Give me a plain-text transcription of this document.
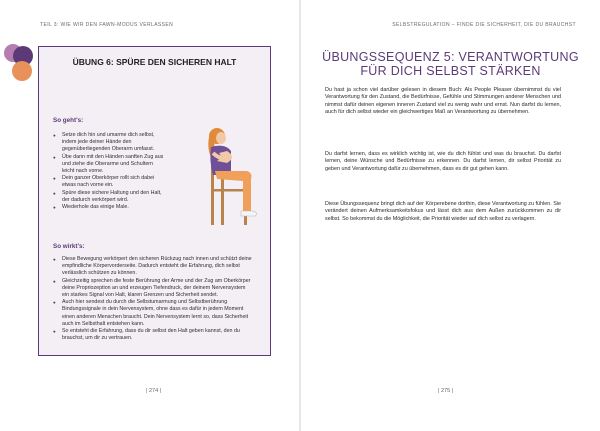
TEIL 3: WIE WIR DEN FAWN-MODUS VERLASSEN
ÜBUNG 6: SPÜRE DEN SICHEREN HALT
So geht's:
● Setze dich hin und umarme dich selbst, indem jede deiner Hände den gegenüberliegenden Oberarm umfasst.
● Übe dann mit den Händen sanften Zug aus und ziehe die Oberarme und Schultern leicht nach vorne.
● Dein ganzer Oberkörper rollt sich dabei etwas nach vorne ein.
● Spüre diese sichere Haltung und den Halt, der dadurch verkörpert wird.
● Wiederhole das einige Male.
So wirkt's:
● Diese Bewegung verkörpert den sicheren Rückzug nach innen und schützt deine empfindliche Körpervorderseite. Dadurch entsteht die Erfahrung, dich selbst verlässlich schützen zu können.
● Gleichzeitig sprechen die feste Berührung der Arme und der Zug am Oberkörper deine Propriozeption an und erzeugen Tiefendruck, der deinem Nervensystem ein starkes Signal von Halt, klaren Grenzen und Sicherheit sendet.
● Auch hier sendest du durch die Selbstumarmung und Selbstberührung Bindungssignale in dein Nervensystem, ohne dass es dafür in jedem Moment einen anderen Menschen braucht. Dein Nervensystem lernt so, dass Sicherheit auch im Selbsthalt entstehen kann.
● So entsteht die Erfahrung, dass du dir selbst den Halt geben kannst, den du brauchst, um dir zu vertrauen.
| 274 |
SELBSTREGULATION – FINDE DIE SICHERHEIT, DIE DU BRAUCHST
ÜBUNGSSEQUENZ 5: VERANTWORTUNG
FÜR DICH SELBST STÄRKEN

Du hast ja schon viel darüber gelesen in diesem Buch: Als People Pleaser übernimmst du viel Verantwortung für den Zustand, die Bedürfnisse, Gefühle und Stimmungen anderer Menschen und nimmst dafür deinen eigenen inneren Zustand viel zu wenig wahr und ernst. Nun darfst du lernen, auch für dich selbst wieder ein gleichwertiges Maß an Verantwortung zu übernehmen.

Du darfst lernen, dass es wirklich wichtig ist, wie du dich fühlst und was du brauchst. Du darfst lernen, deine Wünsche und Bedürfnisse zu erkennen. Du darfst lernen, dir selbst Priorität zu geben und Verantwortung dafür zu übernehmen, dass es dir gut gehen kann.

Diese Übungssequenz bringt dich auf der Körperebene dorthin, diese Verantwortung zu fühlen. Sie verändert deinen Aufmerksamkeitsfokus und lässt dich aus dem Außen zurückkommen zu dir selbst. So bekommst du die Möglichkeit, die Priorität wieder auf dich selbst zu verlagern.

| 275 |
